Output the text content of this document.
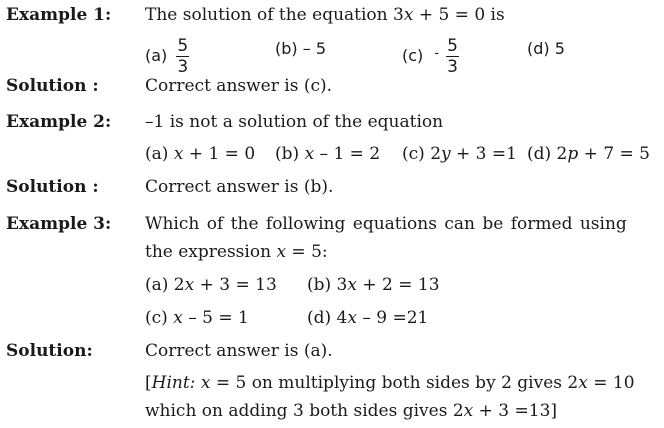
Example 1: The solution of the equation 3x + 5 = 0 is
$(a) \frac{5}{3}$	(b) – 5	(c) $^- \frac{5}{3}$	(d) 5
Solution :	Correct answer is (c).
Example 2: –1 is not a solution of the equation
(a) x + 1 = 0 (b) x – 1 = 2 (c) 2y + 3 =1 (d) 2p + 7 = 5
Solution :	Correct answer is (b).
Example 3: Which of the following equations can be formed using
the expression x = 5:
(a) 2x + 3 = 13 (b) 3x + 2 = 13
(c) x – 5 = 1	(d) 4x – 9 =21
Solution:	Correct answer is (a).
[Hint: x = 5 on multiplying both sides by 2 gives 2x = 10
which on adding 3 both sides gives 2x + 3 =13]
